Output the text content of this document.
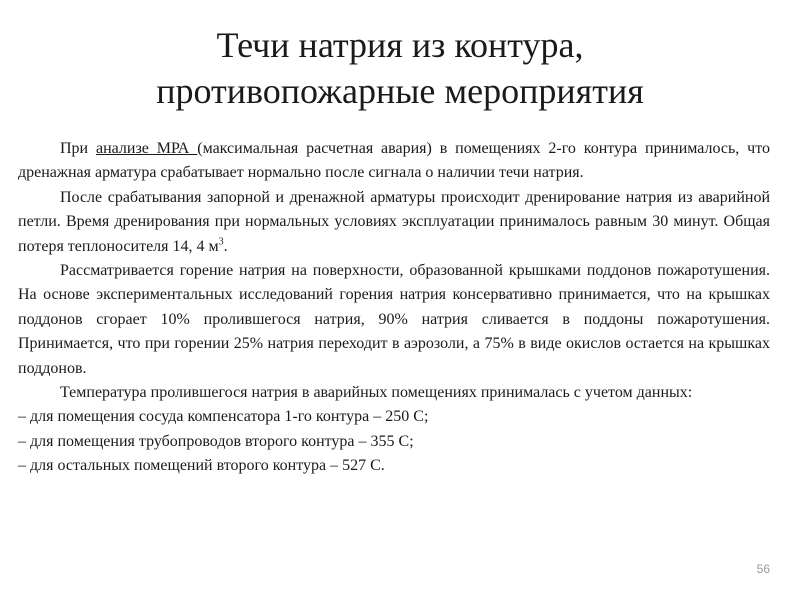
Течи натрия из контура,
противопожарные мероприятия

При анализе МРА (максимальная расчетная авария) в помещениях 2-го контура принималось, что дренажная арматура срабатывает нормально после сигнала о наличии течи натрия.

После срабатывания запорной и дренажной арматуры происходит дренирование натрия из аварийной петли. Время дренирования при нормальных условиях эксплуатации принималось равным 30 минут. Общая потеря теплоносителя 14, 4 $м^3$.

Рассматривается горение натрия на поверхности, образованной крышками поддонов пожаротушения. На основе экспериментальных исследований горения натрия консервативно принимается, что на крышках поддонов сгорает 10% пролившегося натрия, 90% натрия сливается в поддоны пожаротушения. Принимается, что при горении 25% натрия переходит в аэрозоли, а 75% в виде окислов остается на крышках поддонов.

Температура пролившегося натрия в аварийных помещениях принималась с учетом данных:

– для помещения сосуда компенсатора 1-го контура – 250 С;

– для помещения трубопроводов второго контура – 355 С;

– для остальных помещений второго контура – 527 С.

56
